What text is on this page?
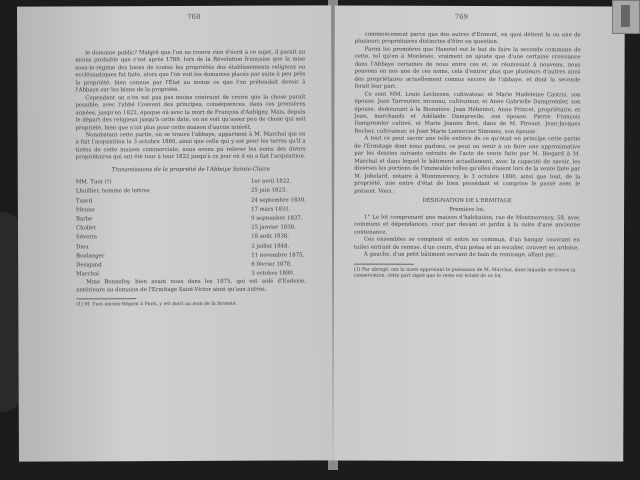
768

le domaine public? Malgré que l'on ne trouve rien d'écrit à ce sujet, il paraît au moins probable que c'est après 1789, lors de la Révolution française que la mise sous-le-régime des biens de toutes les propriétés des établissements religieux ou ecclésiastiques fut faite, alors que l'on voit les domaines placés par suite à peu près la propriété, bien connue par l'État au moins ce que l'on prétendait devoir à l'Abbaye sur les biens de la propriété.

Cependant on n'en est pas pas moins contraint de croire que la chose paraît possible, avec l'abbé Couvent des principes, conséquences, dans ces premières années, jusqu'en 1822, époque où avec la mort de François d'Aubigny. Mais, depuis le départ des religieux jusqu'à cette date, on ne voit qu'assez peu de chose qui soit propriété, bien que n'ait plus pour cette maison d'aucun intérêt.

Nonobstant cette partie, où se trouve l'abbaye, appartient à M. Marchal qui en a fait l'acquisition le 3 octobre 1880, ainsi que celle qui y est pour les terres qu'il a tirées de cette maison commerciale; nous avons pu relever les noms des divers propriétaires qui ont été tour à tour 1822 jusqu'à ce jour où il en a fait l'acquisition.

Transmissions de la propriété de l'Abbaye Sainte-Claire
MM. Tuot (?)	1er avril 1822.
Lhuillier, homme de lettres	25 juin 1823.
Tuard	24 septembre 1830.
Menne	17 mars 1831.
Barbe	9 septembre 1837.
Chollet	25 janvier 1838.
Séverin	18 août 1838.
Dieu	3 juillet 1848.
Boulanger	11 novembre 1875.
Desigand	6 février 1878.
Marchal	3 octobre 1880.

Mme Bonnefoy, bien avant nous dans les 1875, qui est aidé d'Eudoxie, antérieure au domaine de l'Ermitage Saint-Victor ainsi qu'aux autres.

(1) M. Tuot ancien-Régent à Paris, y est mort au nom de la fermeté.

769

commencement parce que des autres d'Ermont, en quoi détient la ou une de plusieurs propriétaires distinctes d'être en question.

Parmi les premières que Hanotel eut le but de faire la seconde commune de cette, tel qu'en à Monlesée, vraiment on ajoute que d'une certaine croissance dans l'Abbaye certaines de nous entre ces et, se réunissant à nouveau, nous pouvons en nos une de ces noms, cela d'entrer plus que plusieurs d'autres ainsi des propriétaires actuellement connus encore de l'abbaye, et dont la seconde ferait leur part.

Ce sont MM. Louis Lechesne, cultivateur, et Marie Madeleine Castris, son épouse. Jean Tarroutier, inconnu, cultivateur, et Anne Gabrielle Dampremler, son épouse, demeurant à la Biennière. Jean Hébentot, Anne Princet, propriétaire, et Jean, marchands et Adélaïde Damprevile, son épouse. Pierre François Dampremler cultivé, et Marie Jeanne Brot, dans de M. Pirouet. Jean-Jacques Rocher, cultivateur, et Jean Marie Lemercier Simonez, son épouse.

À tout ce peut savoir une telle entière de ce qu'était en principe cette partie de l'Ermitage dont nous parlons, ce peut en venir à un faire une approximative par les dessins suivants extraits de l'acte de vente faite par M. Biegard à M. Marchal et dans lequel le bâtiment actuellement, avec la capacité de savoir, les diverses les portions de l'immeuble telles qu'elles étaient lors de la vente faite par M. Jobelard, notaire à Montmorency, le 3 octobre 1880, ainsi que tout, de la propriété, une entre d'état de bien possédant et comprise le passé avec le présent. Voici :

DÉSIGNATION DE L'ERMITAGE
Première lot.

1° Le lot comprenant une maison d'habitation, rue de Montmorency, 58, avec communs et dépendances, cour par devant et jardin à la suite d'une ancienne contenance.

Ces ensembles se comptent et entre en commun, d'un hangar couvrant en tuiles entrant de remise, d'un cours, d'un préau et un escalier, couvert en ardoise.

À gauche, d'un petit bâtiment servant de bain de remisage, allant par...

(1) Par abrogé, ont lu aussi apprenant la puissance de M. Marchal, dans laquelle se trouve la conservation, cette part signé que le reste est éclaté de ce lot.
